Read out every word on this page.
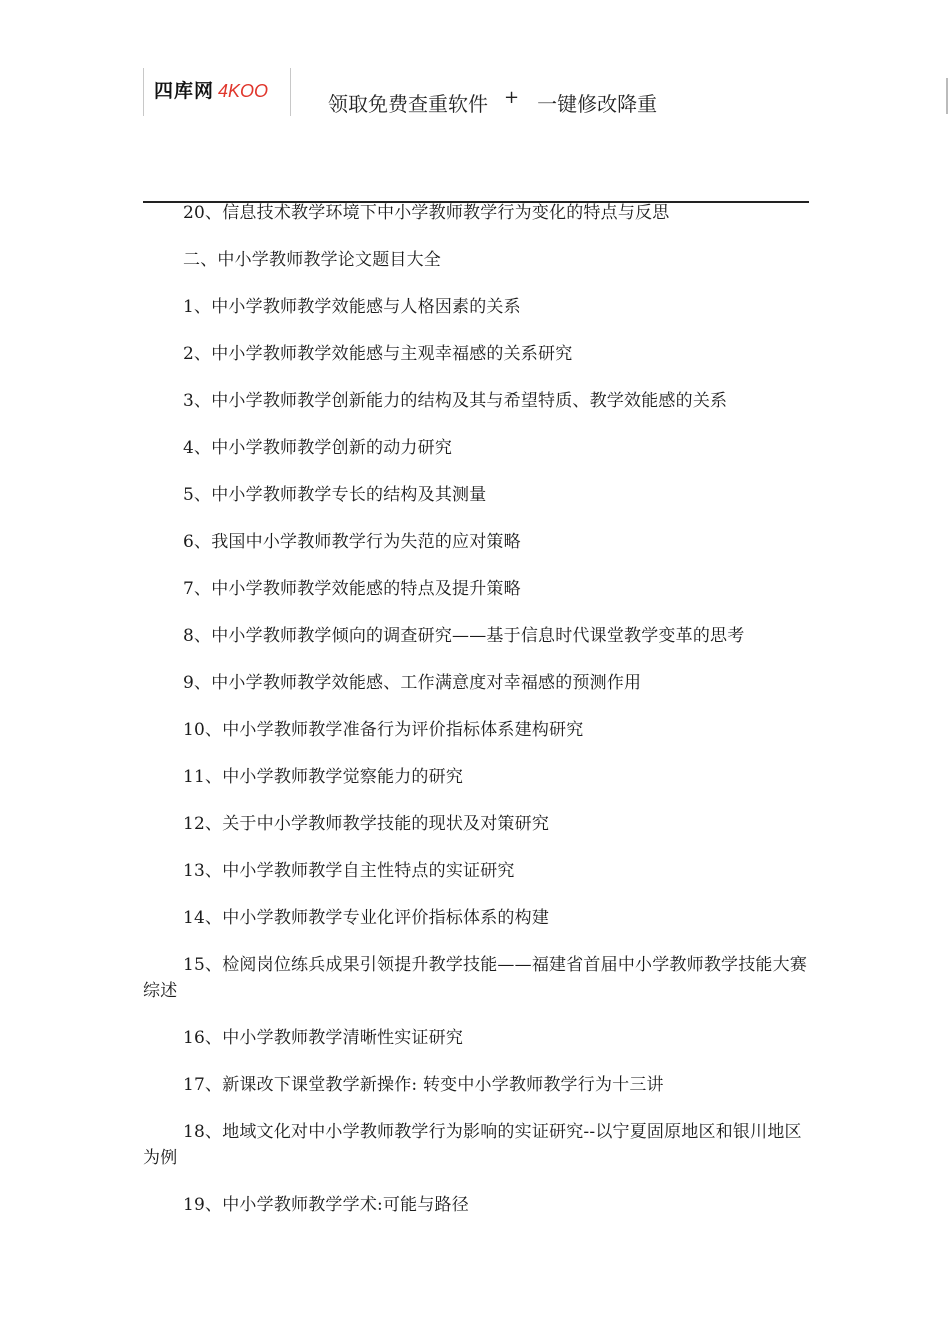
四库网 4KOO
领取免费查重软件 + 一键修改降重

20、信息技术教学环境下中小学教师教学行为变化的特点与反思

二、中小学教师教学论文题目大全

1、中小学教师教学效能感与人格因素的关系

2、中小学教师教学效能感与主观幸福感的关系研究

3、中小学教师教学创新能力的结构及其与希望特质、教学效能感的关系

4、中小学教师教学创新的动力研究

5、中小学教师教学专长的结构及其测量

6、我国中小学教师教学行为失范的应对策略

7、中小学教师教学效能感的特点及提升策略

8、中小学教师教学倾向的调查研究——基于信息时代课堂教学变革的思考

9、中小学教师教学效能感、工作满意度对幸福感的预测作用

10、中小学教师教学准备行为评价指标体系建构研究

11、中小学教师教学觉察能力的研究

12、关于中小学教师教学技能的现状及对策研究

13、中小学教师教学自主性特点的实证研究

14、中小学教师教学专业化评价指标体系的构建

15、检阅岗位练兵成果引领提升教学技能——福建省首届中小学教师教学技能大赛综述

16、中小学教师教学清晰性实证研究

17、新课改下课堂教学新操作: 转变中小学教师教学行为十三讲

18、地域文化对中小学教师教学行为影响的实证研究--以宁夏固原地区和银川地区为例

19、中小学教师教学学术:可能与路径
